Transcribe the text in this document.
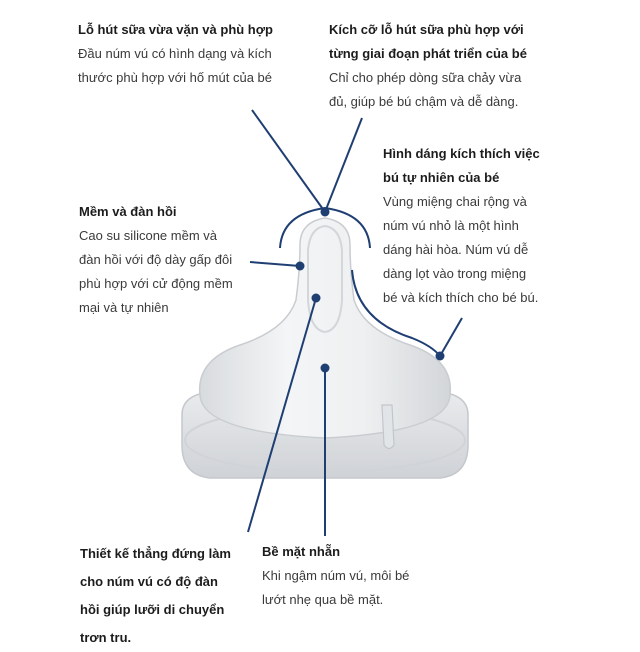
Lỗ hút sữa vừa vặn và phù hợp
Đầu núm vú có hình dạng và kích
thước phù hợp với hố mút của bé
Kích cỡ lỗ hút sữa phù hợp với
từng giai đoạn phát triển của bé
Chỉ cho phép dòng sữa chảy vừa
đủ, giúp bé bú chậm và dễ dàng.
Hình dáng kích thích việc
bú tự nhiên của bé
Vùng miệng chai rộng và
núm vú nhỏ là một hình
dáng hài hòa. Núm vú dễ
dàng lọt vào trong miệng
bé và kích thích cho bé bú.
Mềm và đàn hồi
Cao su silicone mềm và
đàn hồi với độ dày gấp đôi
phù hợp với cử động mềm
mại và tự nhiên
Thiết kế thẳng đứng làm
cho núm vú có độ đàn
hồi giúp lưỡi di chuyển
trơn tru.
Bề mặt nhẵn
Khi ngậm núm vú, môi bé
lướt nhẹ qua bề mặt.
